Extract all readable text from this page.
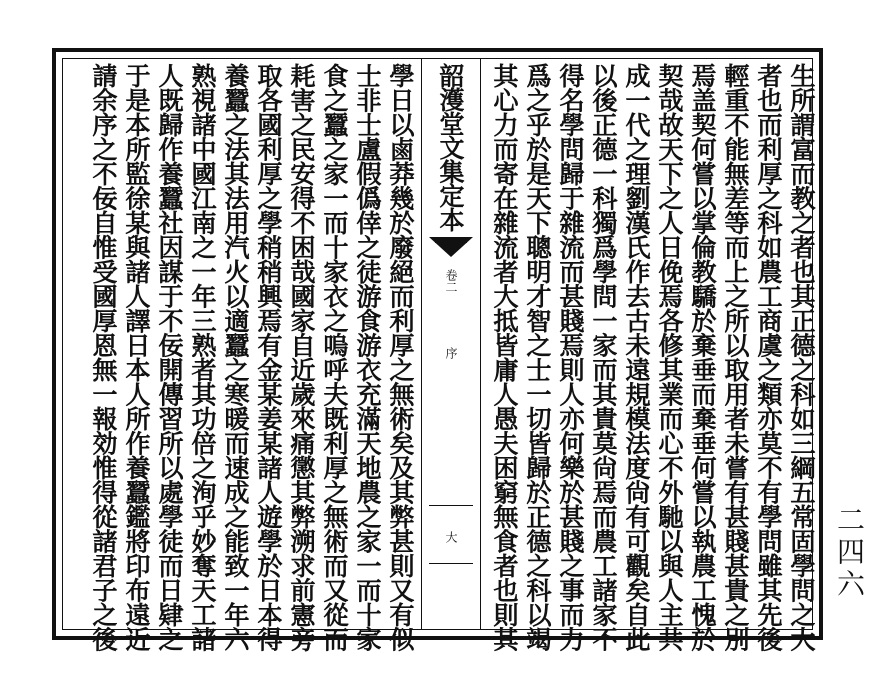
生所謂富而教之者也其正德之科如三綱五常固學問之大
者也而利厚之科如農工商虞之類亦莫不有學問雖其先後
輕重不能無差等而上之所以取用者未嘗有甚賤甚貴之別
焉盖契何嘗以掌倫教驕於棄垂而棄垂何嘗以執農工愧於
契哉故天下之人日俛焉各修其業而心不外馳以與人主共
成一代之理劉漢氏作去古未遠規模法度尙有可觀矣自此
以後正德一科獨爲學問一家而其貴莫尙焉而農工諸家不
得名學問歸于雜流而甚賤焉則人亦何樂於甚賤之事而力
爲之乎於是天下聰明才智之士一切皆歸於正德之科以竭
其心力而寄在雜流者大抵皆庸人愚夫困窮無食者也則其
韶濩堂文集定本
卷二
序
大
學日以鹵莽幾於廢絕而利厚之無術矣及其弊甚則又有似
士非士盧假僞倖之徒游食游衣充滿天地農之家一而十家
食之蠶之家一而十家衣之嗚呼夫既利厚之無術而又從而
耗害之民安得不困哉國家自近歲來痛懲其弊溯求前憲旁
取各國利厚之學稍稍興焉有金某姜某諸人遊學於日本得
養蠶之法其法用汽火以適蠶之寒暖而速成之能致一年六
熟視諸中國江南之一年三熟者其功倍之洵乎妙奪天工諸
人既歸作養蠶社因謀于不佞開傳習所以處學徒而日肄之
于是本所監徐某與諸人譯日本人所作養蠶鑑將印布遠近
請余序之不佞自惟受國厚恩無一報効惟得從諸君子之後	二四六
